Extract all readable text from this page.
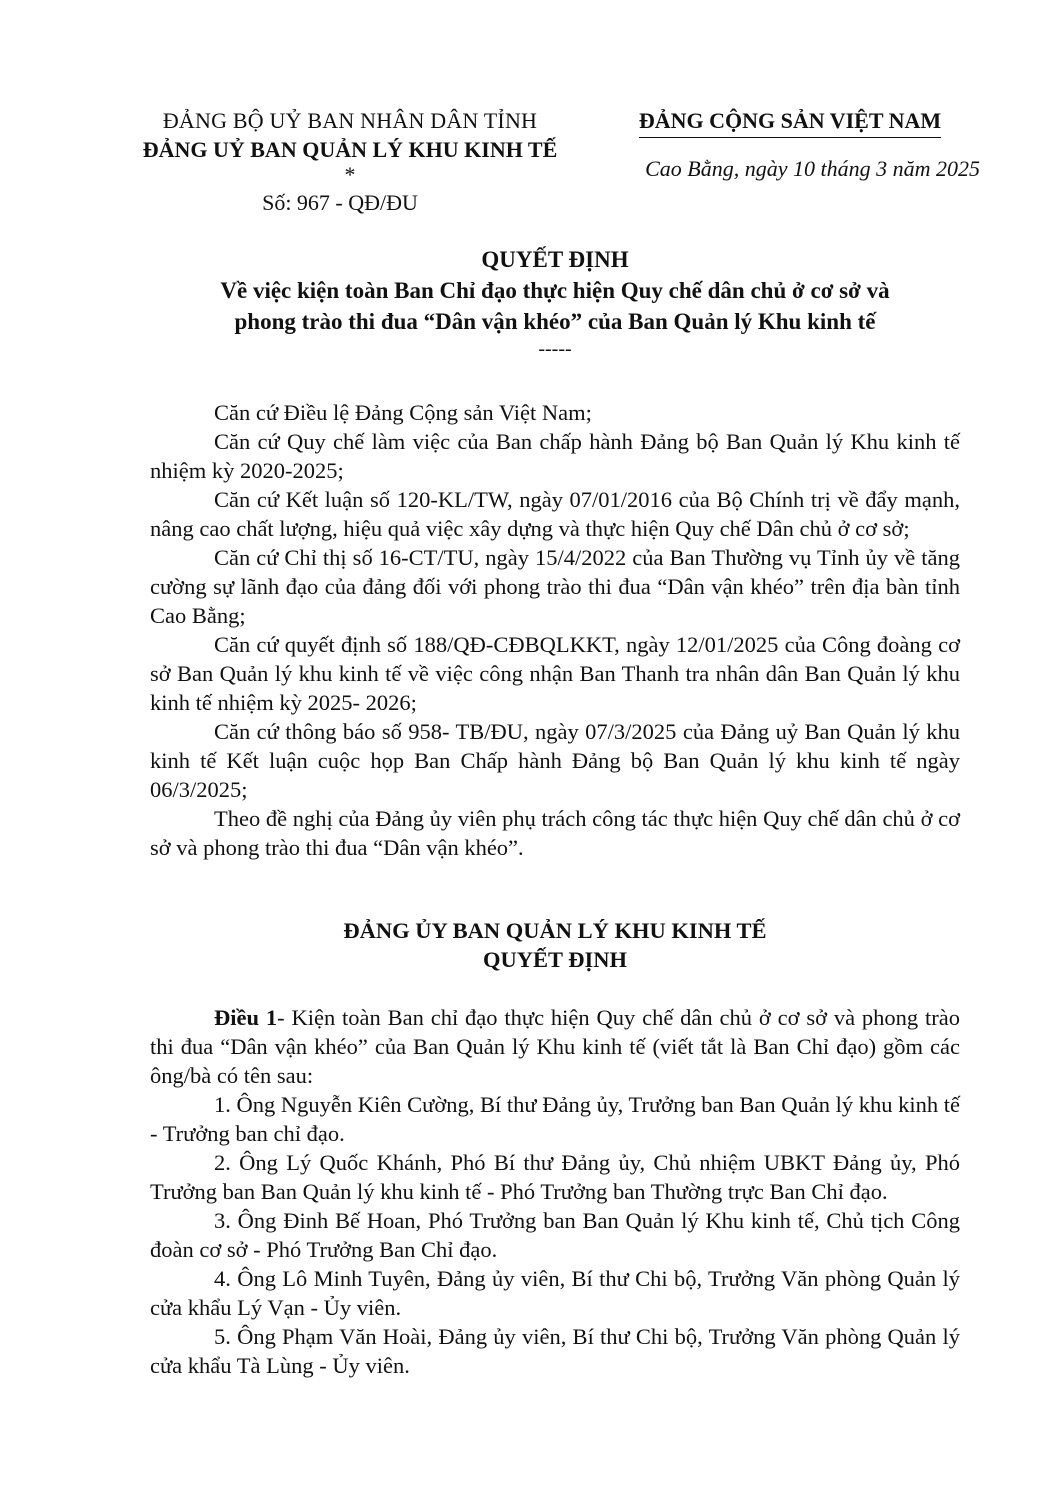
ĐẢNG BỘ UỶ BAN NHÂN DÂN TỈNH
ĐẢNG UỶ BAN QUẢN LÝ KHU KINH TẾ
*
Số: 967 - QĐ/ĐU
ĐẢNG CỘNG SẢN VIỆT NAM
Cao Bằng, ngày 10 tháng 3 năm 2025
QUYẾT ĐỊNH
Về việc kiện toàn Ban Chỉ đạo thực hiện Quy chế dân chủ ở cơ sở và
phong trào thi đua “Dân vận khéo” của Ban Quản lý Khu kinh tế
-----

Căn cứ Điều lệ Đảng Cộng sản Việt Nam;

Căn cứ Quy chế làm việc của Ban chấp hành Đảng bộ Ban Quản lý Khu kinh tế nhiệm kỳ 2020-2025;

Căn cứ Kết luận số 120-KL/TW, ngày 07/01/2016 của Bộ Chính trị về đẩy mạnh, nâng cao chất lượng, hiệu quả việc xây dựng và thực hiện Quy chế Dân chủ ở cơ sở;

Căn cứ Chỉ thị số 16-CT/TU, ngày 15/4/2022 của Ban Thường vụ Tỉnh ủy về tăng cường sự lãnh đạo của đảng đối với phong trào thi đua “Dân vận khéo” trên địa bàn tỉnh Cao Bằng;

Căn cứ quyết định số 188/QĐ-CĐBQLKKT, ngày 12/01/2025 của Công đoàng cơ sở Ban Quản lý khu kinh tế về việc công nhận Ban Thanh tra nhân dân Ban Quản lý khu kinh tế nhiệm kỳ 2025- 2026;

Căn cứ thông báo số 958- TB/ĐU, ngày 07/3/2025 của Đảng uỷ Ban Quản lý khu kinh tế Kết luận cuộc họp Ban Chấp hành Đảng bộ Ban Quản lý khu kinh tế ngày 06/3/2025;

Theo đề nghị của Đảng ủy viên phụ trách công tác thực hiện Quy chế dân chủ ở cơ sở và phong trào thi đua “Dân vận khéo”.

ĐẢNG ỦY BAN QUẢN LÝ KHU KINH TẾ
QUYẾT ĐỊNH

Điều 1- Kiện toàn Ban chỉ đạo thực hiện Quy chế dân chủ ở cơ sở và phong trào thi đua “Dân vận khéo” của Ban Quản lý Khu kinh tế (viết tắt là Ban Chỉ đạo) gồm các ông/bà có tên sau:

1. Ông Nguyễn Kiên Cường, Bí thư Đảng ủy, Trưởng ban Ban Quản lý khu kinh tế - Trưởng ban chỉ đạo.

2. Ông Lý Quốc Khánh, Phó Bí thư Đảng ủy, Chủ nhiệm UBKT Đảng ủy, Phó Trưởng ban Ban Quản lý khu kinh tế - Phó Trưởng ban Thường trực Ban Chỉ đạo.

3. Ông Đinh Bế Hoan, Phó Trưởng ban Ban Quản lý Khu kinh tế, Chủ tịch Công đoàn cơ sở - Phó Trưởng Ban Chỉ đạo.

4. Ông Lô Minh Tuyên, Đảng ủy viên, Bí thư Chi bộ, Trưởng Văn phòng Quản lý cửa khẩu Lý Vạn - Ủy viên.

5. Ông Phạm Văn Hoài, Đảng ủy viên, Bí thư Chi bộ, Trưởng Văn phòng Quản lý cửa khẩu Tà Lùng - Ủy viên.
